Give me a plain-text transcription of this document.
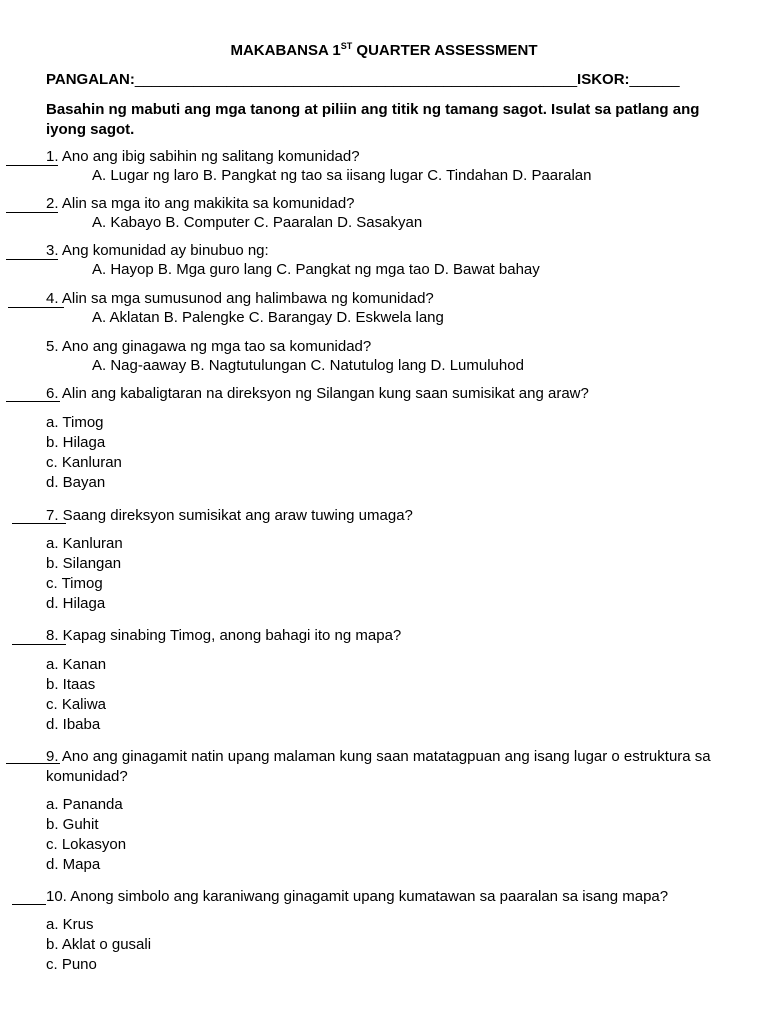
MAKABANSA 1ST QUARTER ASSESSMENT
PANGALAN:_____________________________________________________ISKOR:______
Basahin ng mabuti ang mga tanong at piliin ang titik ng tamang sagot. Isulat sa patlang ang iyong sagot.
1. Ano ang ibig sabihin ng salitang komunidad?
A. Lugar ng laro B. Pangkat ng tao sa iisang lugar C. Tindahan D. Paaralan
2. Alin sa mga ito ang makikita sa komunidad?
A. Kabayo B. Computer C. Paaralan D. Sasakyan
3. Ang komunidad ay binubuo ng:
A. Hayop B. Mga guro lang C. Pangkat ng mga tao D. Bawat bahay
4. Alin sa mga sumusunod ang halimbawa ng komunidad?
A. Aklatan B. Palengke C. Barangay D. Eskwela lang
5. Ano ang ginagawa ng mga tao sa komunidad?
A. Nag-aaway B. Nagtutulungan C. Natutulog lang D. Lumuluhod
6. Alin ang kabaligtaran na direksyon ng Silangan kung saan sumisikat ang araw?
a. Timog
b. Hilaga
c. Kanluran
d. Bayan
7. Saang direksyon sumisikat ang araw tuwing umaga?
a. Kanluran
b. Silangan
c. Timog
d. Hilaga
8. Kapag sinabing Timog, anong bahagi ito ng mapa?
a. Kanan
b. Itaas
c. Kaliwa
d. Ibaba
9. Ano ang ginagamit natin upang malaman kung saan matatagpuan ang isang lugar o estruktura sa komunidad?
a. Pananda
b. Guhit
c. Lokasyon
d. Mapa
10. Anong simbolo ang karaniwang ginagamit upang kumatawan sa paaralan sa isang mapa?
a. Krus
b. Aklat o gusali
c. Puno
